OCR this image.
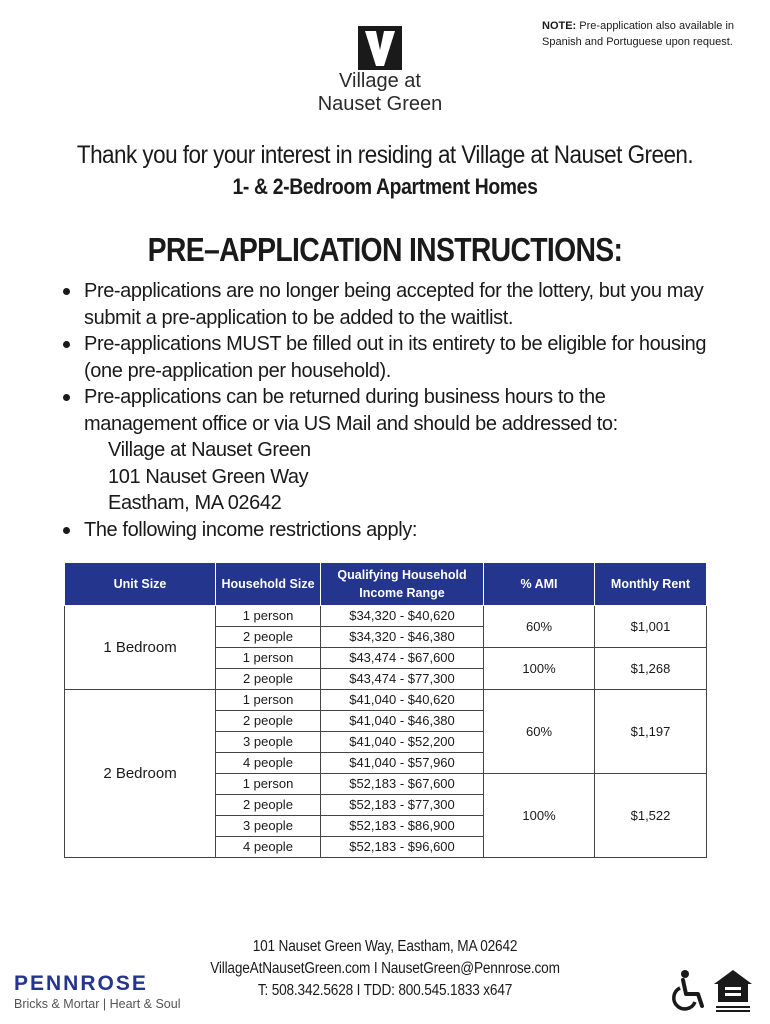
NOTE: Pre-application also available in Spanish and Portuguese upon request.
Village at
Nauset Green
Thank you for your interest in residing at Village at Nauset Green.
1- & 2-Bedroom Apartment Homes
PRE–APPLICATION INSTRUCTIONS:
Pre-applications are no longer being accepted for the lottery, but you may submit a pre-application to be added to the waitlist.
Pre-applications MUST be filled out in its entirety to be eligible for housing (one pre-application per household).
Pre-applications can be returned during business hours to the management office or via US Mail and should be addressed to:
Village at Nauset Green
101 Nauset Green Way
Eastham, MA 02642
The following income restrictions apply:
Unit Size	Household Size	Qualifying Household Income Range	% AMI	Monthly Rent
1 Bedroom	1 person	$34,320 - $40,620	60%	$1,001
	2 people	$34,320 - $46,380		
	1 person	$43,474 - $67,600	100%	$1,268
	2 people	$43,474 - $77,300		
2 Bedroom	1 person	$41,040 - $40,620	60%	$1,197
	2 people	$41,040 - $46,380		
	3 people	$41,040 - $52,200		
	4 people	$41,040 - $57,960		
	1 person	$52,183 - $67,600	100%	$1,522
	2 people	$52,183 - $77,300		
	3 people	$52,183 - $86,900		
	4 people	$52,183 - $96,600		
101 Nauset Green Way, Eastham, MA 02642
VillageAtNausetGreen.com I NausetGreen@Pennrose.com
T: 508.342.5628 I TDD: 800.545.1833 x647
PENNROSE
Bricks & Mortar | Heart & Soul
